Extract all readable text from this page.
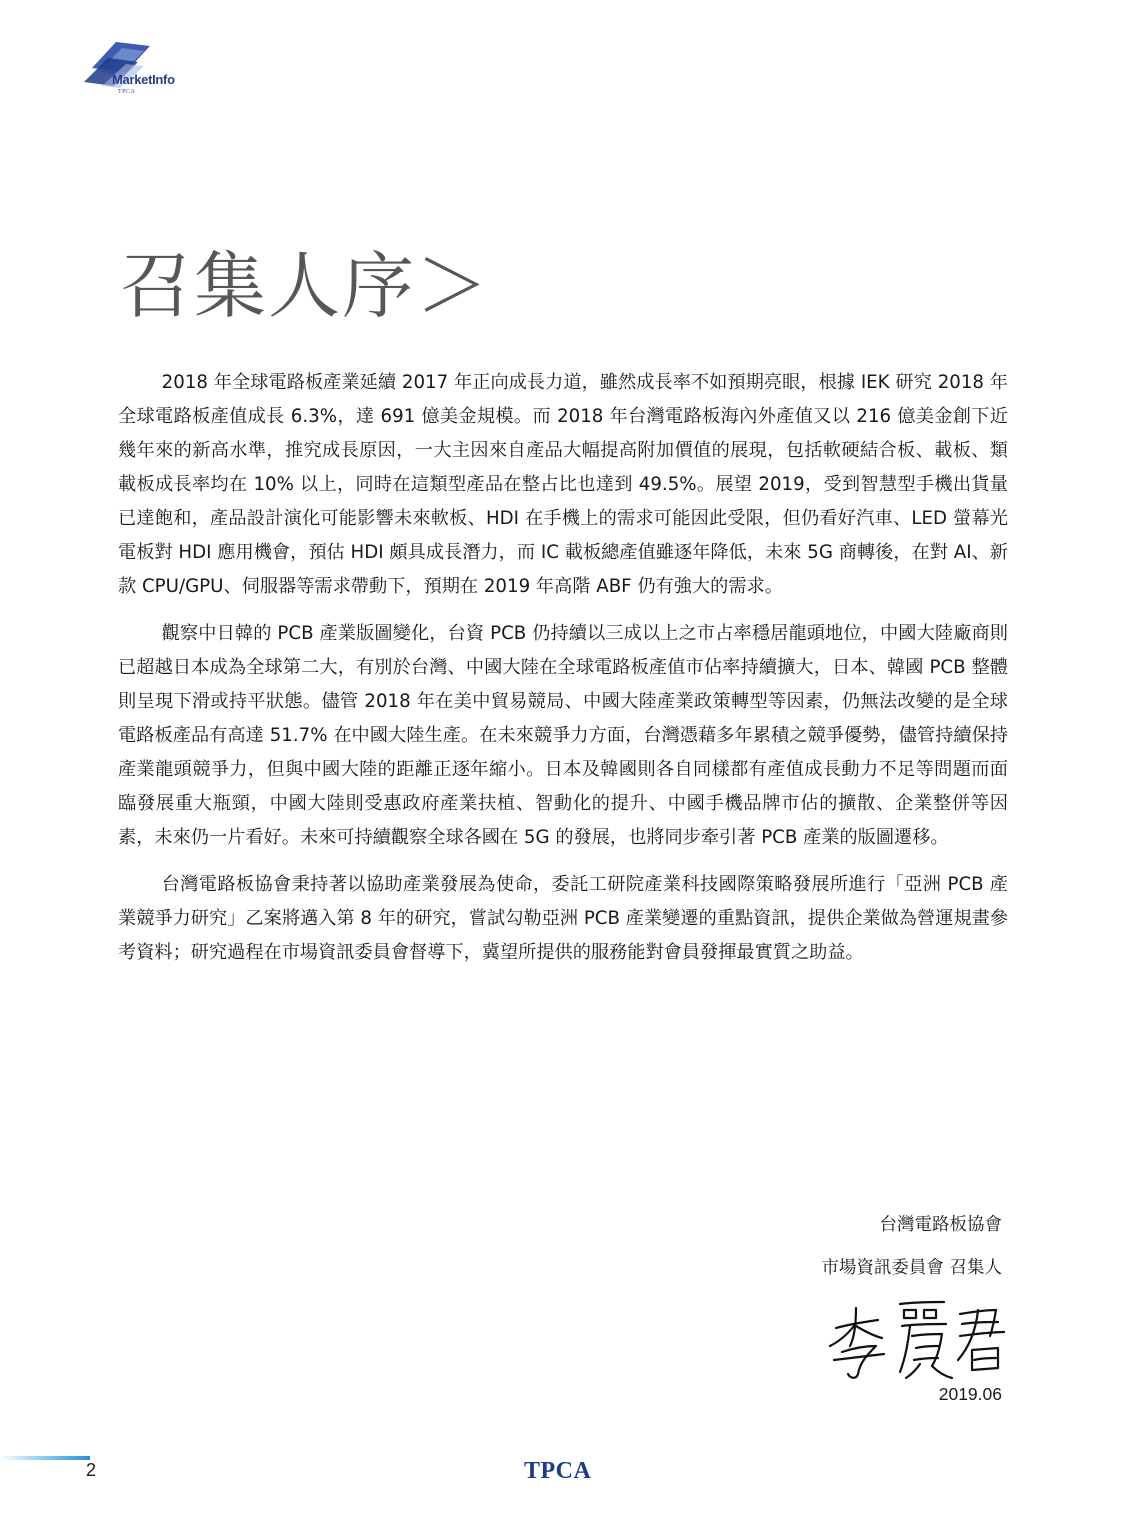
MarketInfo
TPCA
召集人序＞

2018 年全球電路板產業延續 2017 年正向成長力道，雖然成長率不如預期亮眼，根據 IEK 研究 2018 年全球電路板產值成長 6.3%，達 691 億美金規模。而 2018 年台灣電路板海內外產值又以 216 億美金創下近幾年來的新高水準，推究成長原因，一大主因來自產品大幅提高附加價值的展現，包括軟硬結合板、載板、類載板成長率均在 10% 以上，同時在這類型產品在整占比也達到 49.5%。展望 2019，受到智慧型手機出貨量已達飽和，產品設計演化可能影響未來軟板、HDI 在手機上的需求可能因此受限，但仍看好汽車、LED 螢幕光電板對 HDI 應用機會，預估 HDI 頗具成長潛力，而 IC 載板總產值雖逐年降低，未來 5G 商轉後，在對 AI、新款 CPU/GPU、伺服器等需求帶動下，預期在 2019 年高階 ABF 仍有強大的需求。

觀察中日韓的 PCB 產業版圖變化，台資 PCB 仍持續以三成以上之市占率穩居龍頭地位，中國大陸廠商則已超越日本成為全球第二大，有別於台灣、中國大陸在全球電路板產值市佔率持續擴大，日本、韓國 PCB 整體則呈現下滑或持平狀態。儘管 2018 年在美中貿易競局、中國大陸產業政策轉型等因素，仍無法改變的是全球電路板產品有高達 51.7% 在中國大陸生產。在未來競爭力方面，台灣憑藉多年累積之競爭優勢，儘管持續保持產業龍頭競爭力，但與中國大陸的距離正逐年縮小。日本及韓國則各自同樣都有產值成長動力不足等問題而面臨發展重大瓶頸，中國大陸則受惠政府產業扶植、智動化的提升、中國手機品牌市佔的擴散、企業整併等因素，未來仍一片看好。未來可持續觀察全球各國在 5G 的發展，也將同步牽引著 PCB 產業的版圖遷移。

台灣電路板協會秉持著以協助產業發展為使命，委託工研院產業科技國際策略發展所進行「亞洲 PCB 產業競爭力研究」乙案將邁入第 8 年的研究，嘗試勾勒亞洲 PCB 產業變遷的重點資訊，提供企業做為營運規畫參考資料；研究過程在市場資訊委員會督導下，冀望所提供的服務能對會員發揮最實質之助益。

台灣電路板協會
市場資訊委員會 召集人
2019.06
2	TPCA
